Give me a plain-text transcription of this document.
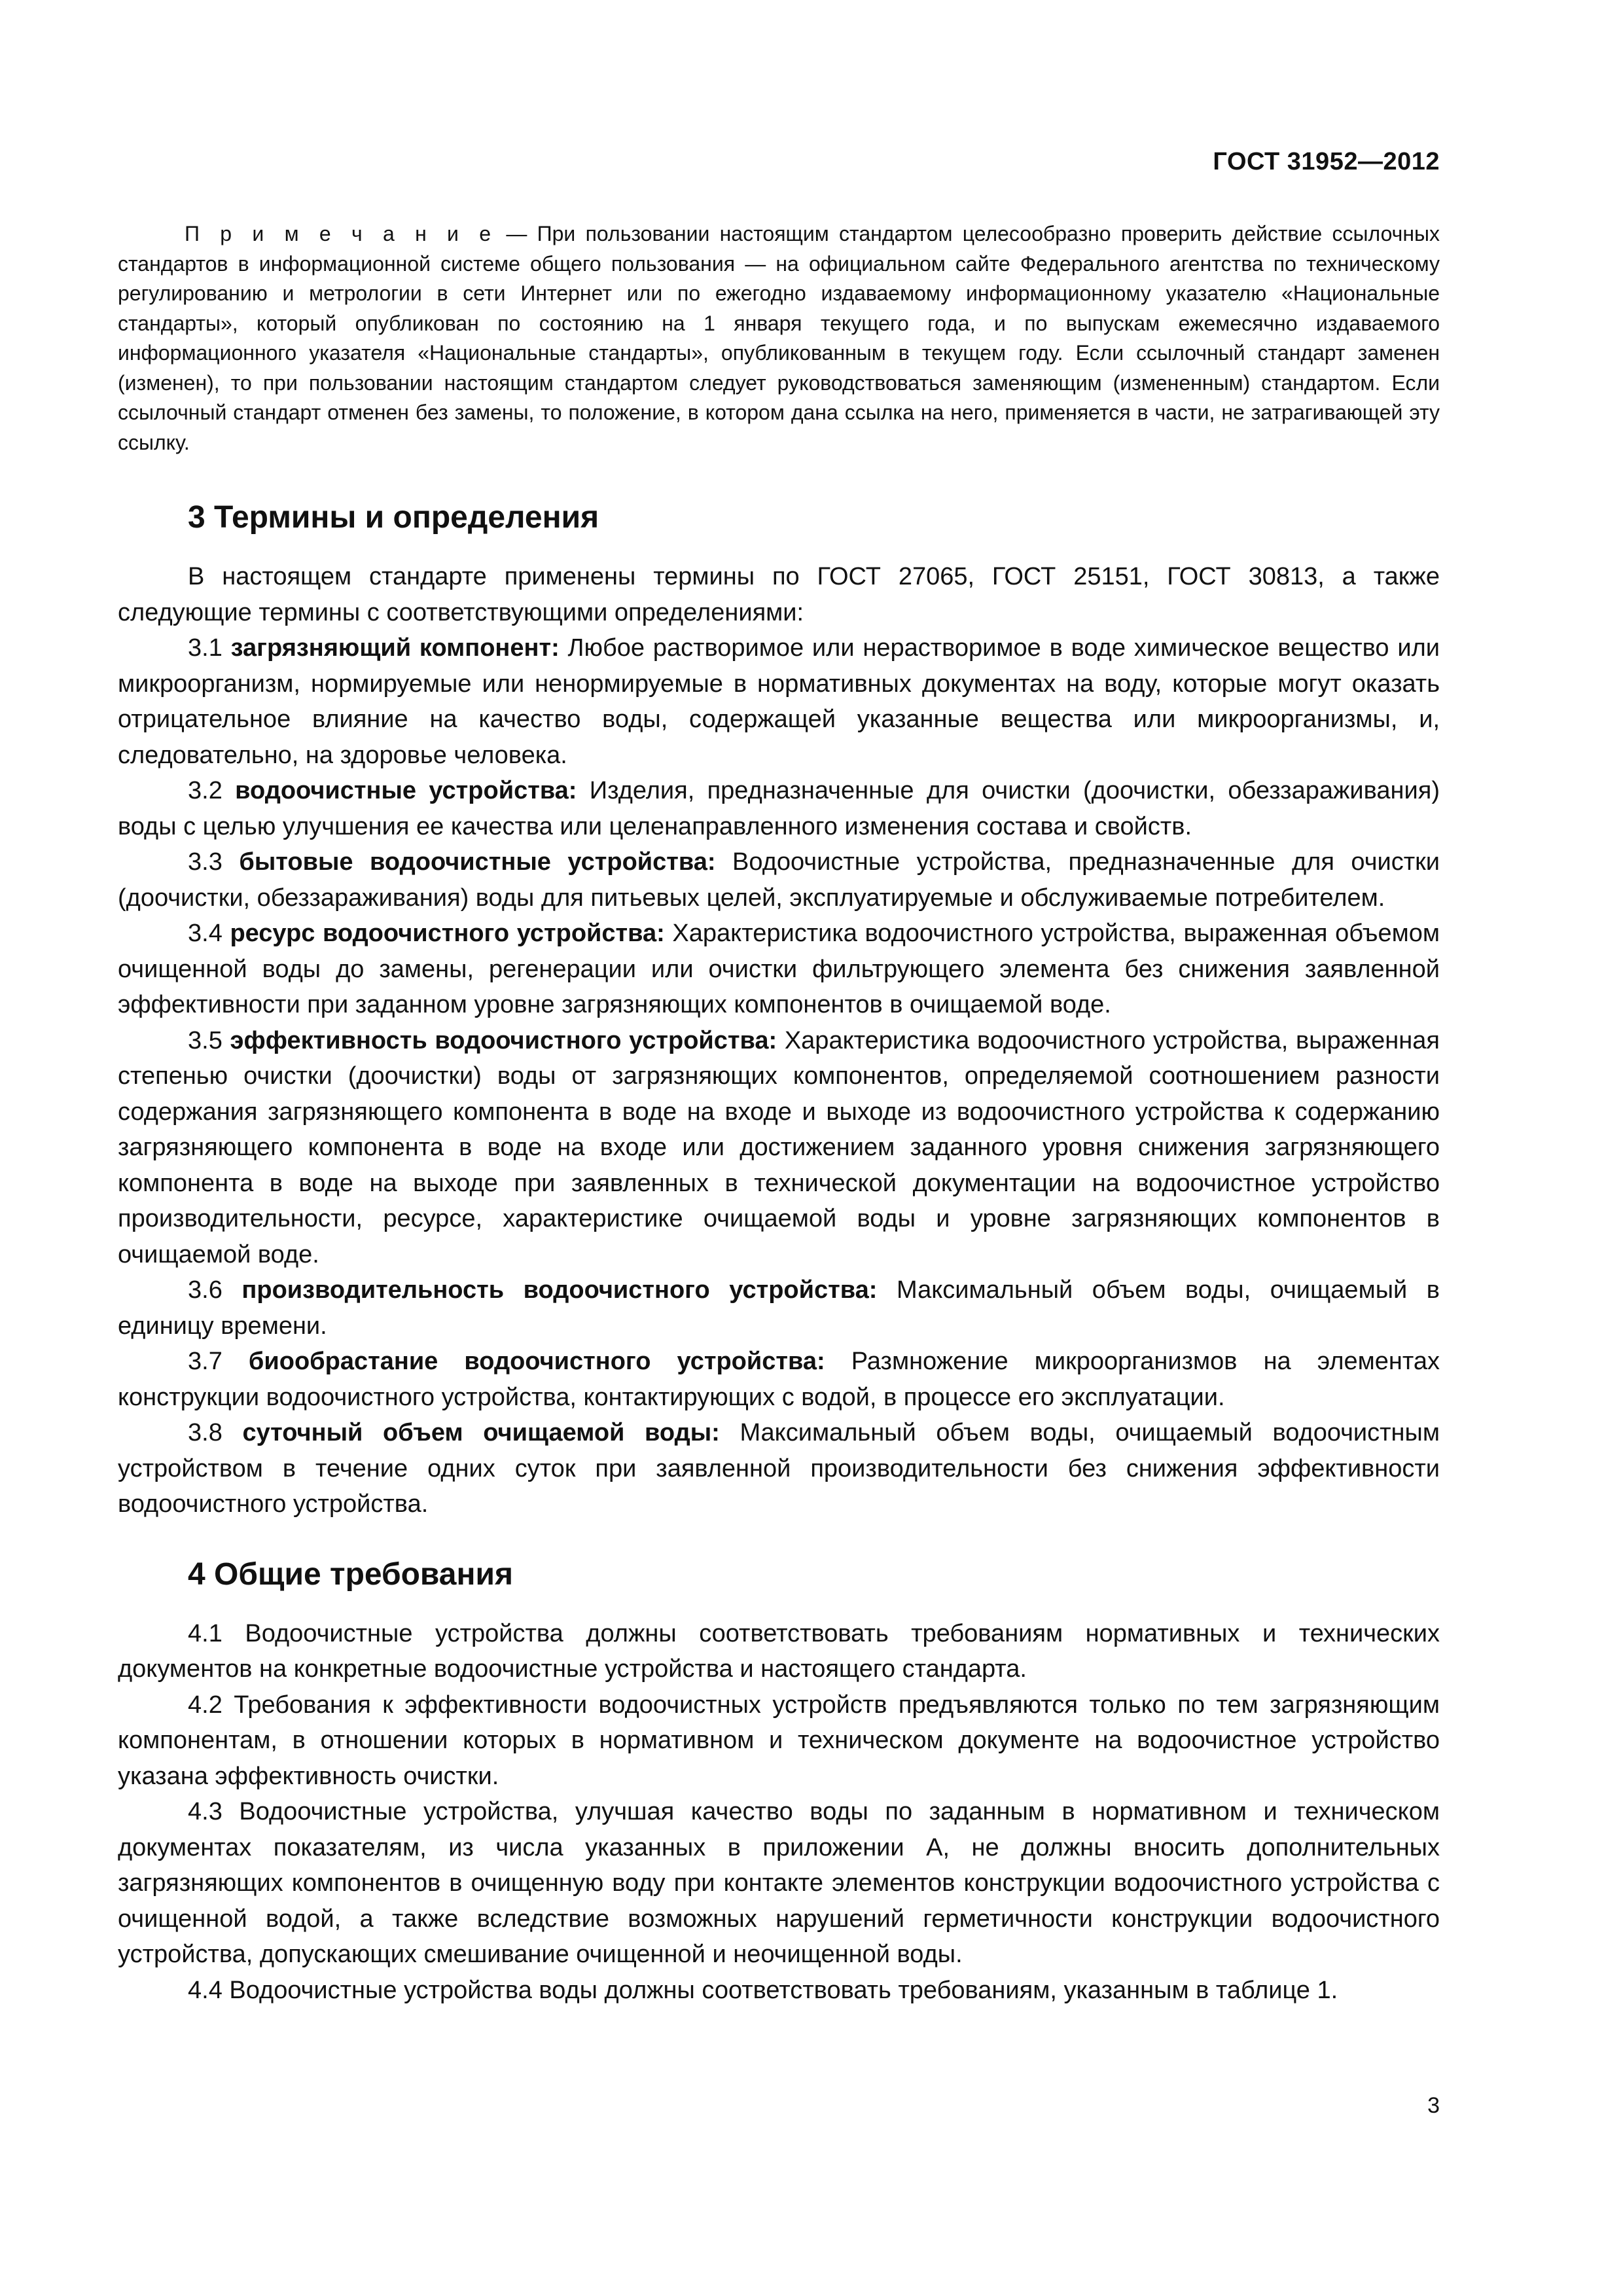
ГОСТ 31952—2012

П р и м е ч а н и е — При пользовании настоящим стандартом целесообразно проверить действие ссылочных стандартов в информационной системе общего пользования — на официальном сайте Федерального агентства по техническому регулированию и метрологии в сети Интернет или по ежегодно издаваемому информационному указателю «Национальные стандарты», который опубликован по состоянию на 1 января текущего года, и по выпускам ежемесячно издаваемого информационного указателя «Национальные стандарты», опубликованным в текущем году. Если ссылочный стандарт заменен (изменен), то при пользовании настоящим стандартом следует руководствоваться заменяющим (измененным) стандартом. Если ссылочный стандарт отменен без замены, то положение, в котором дана ссылка на него, применяется в части, не затрагивающей эту ссылку.

3 Термины и определения

В настоящем стандарте применены термины по ГОСТ 27065, ГОСТ 25151, ГОСТ 30813, а также следующие термины с соответствующими определениями:

3.1 загрязняющий компонент: Любое растворимое или нерастворимое в воде химическое вещество или микроорганизм, нормируемые или ненормируемые в нормативных документах на воду, которые могут оказать отрицательное влияние на качество воды, содержащей указанные вещества или микроорганизмы, и, следовательно, на здоровье человека.

3.2 водоочистные устройства: Изделия, предназначенные для очистки (доочистки, обеззараживания) воды с целью улучшения ее качества или целенаправленного изменения состава и свойств.

3.3 бытовые водоочистные устройства: Водоочистные устройства, предназначенные для очистки (доочистки, обеззараживания) воды для питьевых целей, эксплуатируемые и обслуживаемые потребителем.

3.4 ресурс водоочистного устройства: Характеристика водоочистного устройства, выраженная объемом очищенной воды до замены, регенерации или очистки фильтрующего элемента без снижения заявленной эффективности при заданном уровне загрязняющих компонентов в очищаемой воде.

3.5 эффективность водоочистного устройства: Характеристика водоочистного устройства, выраженная степенью очистки (доочистки) воды от загрязняющих компонентов, определяемой соотношением разности содержания загрязняющего компонента в воде на входе и выходе из водоочистного устройства к содержанию загрязняющего компонента в воде на входе или достижением заданного уровня снижения загрязняющего компонента в воде на выходе при заявленных в технической документации на водоочистное устройство производительности, ресурсе, характеристике очищаемой воды и уровне загрязняющих компонентов в очищаемой воде.

3.6 производительность водоочистного устройства: Максимальный объем воды, очищаемый в единицу времени.

3.7 биообрастание водоочистного устройства: Размножение микроорганизмов на элементах конструкции водоочистного устройства, контактирующих с водой, в процессе его эксплуатации.

3.8 суточный объем очищаемой воды: Максимальный объем воды, очищаемый водоочистным устройством в течение одних суток при заявленной производительности без снижения эффективности водоочистного устройства.

4 Общие требования

4.1 Водоочистные устройства должны соответствовать требованиям нормативных и технических документов на конкретные водоочистные устройства и настоящего стандарта.

4.2 Требования к эффективности водоочистных устройств предъявляются только по тем загрязняющим компонентам, в отношении которых в нормативном и техническом документе на водоочистное устройство указана эффективность очистки.

4.3 Водоочистные устройства, улучшая качество воды по заданным в нормативном и техническом документах показателям, из числа указанных в приложении А, не должны вносить дополнительных загрязняющих компонентов в очищенную воду при контакте элементов конструкции водоочистного устройства с очищенной водой, а также вследствие возможных нарушений герметичности конструкции водоочистного устройства, допускающих смешивание очищенной и неочищенной воды.

4.4 Водоочистные устройства воды должны соответствовать требованиям, указанным в таблице 1.

3
